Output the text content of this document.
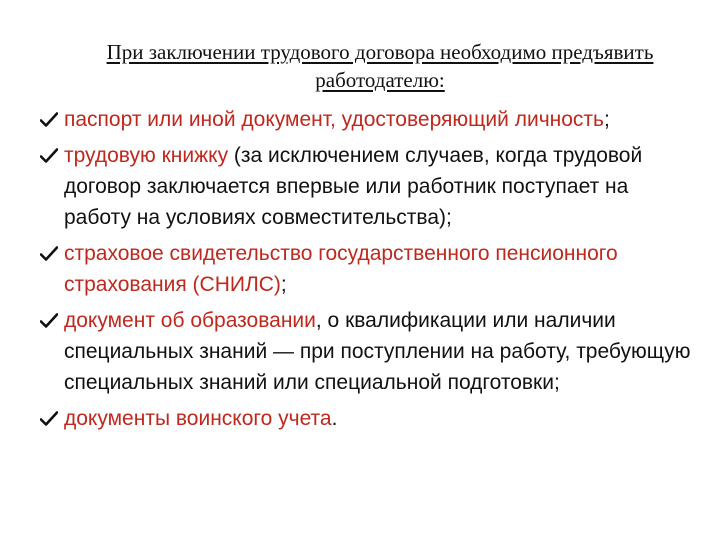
При заключении трудового договора необходимо предъявить работодателю:
паспорт или иной документ, удостоверяющий личность;
трудовую книжку (за исключением случаев, когда трудовой договор заключается впервые или работник поступает на работу на условиях совместительства);
страховое свидетельство государственного пенсионного страхования (СНИЛС);
документ об образовании, о квалификации или наличии специальных знаний — при поступлении на работу, требующую специальных знаний или специальной подготовки;
документы воинского учета.
